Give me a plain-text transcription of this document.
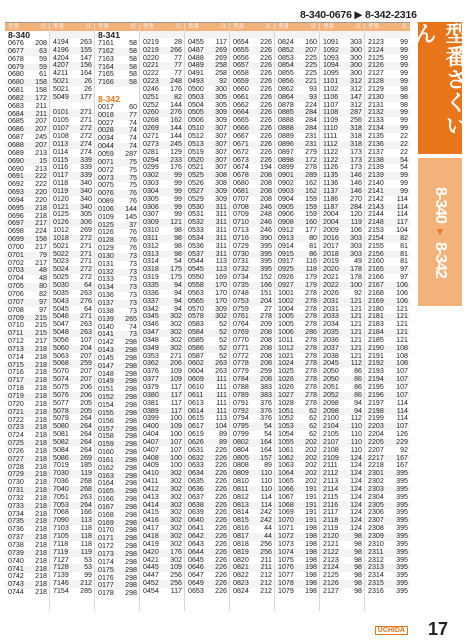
8-340-0676 ▶ 8-342-2316
型番	頁
8-340
0676 208
0677 63
0678 59
0679 59
0680 61
0680 158
0681 158
0682 172
0683 211
0684 211
0685 207
0686 207
0687 245
0688 207
0689 213
0690 15
0690 213
0691 222
0692 222
0693 220
0694 220
0695 218
0696 218
0697 217
0698 224
0699 158
0700 217
0701 79
0702 217
0703 48
0704 48
0705 80
0706 82
0707 97
0708 97
0709 215
0710 215
0711 215
0712 217
0713 218
0714 218
0715 218
0716 218
0717 218
0718 218
0719 218
0720 218
0721 218
0722 218
0723 218
0724 218
0725 218
0726 218
0727 218
0728 218
0729 218
0730 218
0731 218
0732 218
0733 218
0734 218
0735 218
0736 218
0737 218
0738 218
0739 218
0740 218
0741 218
0742 218
0743 218
0744 218
型番	頁
4194 263
4196 155
4204 147
4207 156
4211 164
5021 26
5021 26
5049 177
0101 271
0105 271
0107 272
0108 272
0113 274
0114 274
0115 339
0116 339
0117 339
0118 340
0119 340
0120 340
0121 340
0125 305
0126 306
1012 269
1018 272
5021 271
5022 271
5023 271
5024 272
5025 272
5030 64
5035 263
5043 276
5045 64
5046 271
5047 263
5048 263
5056 107
5060 204
5063 207
5068 259
5070 207
5074 207
5075 206
5076 206
5077 205
5078 205
5079 264
5080 264
5081 264
5082 264
5084 264
5086 269
7019 185
7030 119
7036 268
7040 268
7051 263
7053 264
7068 166
7090 113
7103 118
7105 118
7118 118
7119 119
7127 53
7128 53
7139 99
7146 212
7154 285
型番	頁
8-341
7161 58
7162 58
7163 58
7164 58
7165 58
7166 58
8-342
0017 60
0018 77
0027 74
0028 74
0034 74
0044 74
0059 287
0071 75
0072 75
0073 75
0075 75
0076 76
0089 76
0106 144
0109 145
0125 37
0126 76
0128 76
0129 76
0130 73
0131 73
0132 73
0133 73
0134 73
0136 73
0137 73
0138 73
0139 265
0140 74
0141 73
0142 298
0143 298
0145 298
0147 298
0148 298
0149 298
0151 298
0152 298
0154 298
0155 298
0156 298
0157 298
0158 298
0159 298
0160 298
0161 298
0162 298
0163 298
0164 298
0165 298
0166 298
0167 298
0168 298
0169 298
0170 298
0171 298
0172 298
0173 298
0174 298
0175 298
0176 298
0177 298
0178 298
型番	頁
0219 28
0219 266
0220 77
0221 77
0222 77
0223 248
0246 176
0251 82
0252 144
0260 276
0268 162
0269 144
0271 144
0273 245
0281 129
0294 233
0299 176
0302 99
0303 99
0304 99
0305 99
0306 99
0307 99
0309 121
0310 98
0311 98
0312 98
0313 98
0314 54
0318 175
0319 175
0335 94
0336 94
0337 94
0342 94
0345 302
0346 302
0347 302
0348 302
0349 302
0353 271
0362 206
0376 109
0377 109
0379 117
0380 117
0381 117
0389 117
0399 100
0400 109
0404 100
0407 107
0407 107
0408 100
0409 100
0410 302
0411 302
0412 302
0413 302
0414 302
0415 302
0416 302
0417 302
0418 302
0419 302
0420 176
0421 302
0445 109
0447 256
0452 256
0454 117
型番	頁
0455 117
0487 269
0488 269
0489 258
0491 258
0493 92
0500 300
0503 305
0504 305
0505 309
0506 309
0510 307
0512 307
0513 307
0519 307
0520 307
0521 307
0525 308
0526 308
0527 309
0529 309
0530 311
0531 311
0532 311
0533 311
0534 311
0536 311
0537 311
0544 113
0545 113
0550 169
0558 170
0563 170
0565 170
0570 309
0578 302
0583 52
0584 52
0585 52
0586 52
0587 52
0602 263
0604 263
0609 111
0610 111
0611 111
0613 111
0614 111
0615 113
0617 104
0619 89
0626 89
0631 226
0632 226
0633 226
0634 226
0635 226
0636 226
0637 226
0638 226
0639 226
0640 226
0641 226
0642 226
0643 226
0644 226
0645 226
0646 226
0647 226
0649 226
0653 226
型番	頁
0654 226
0655 226
0656 226
0657 226
0658 226
0659 226
0660 226
0661 226
0662 226
0664 226
0665 226
0666 226
0667 226
0671 226
0672 226
0673 226
0674 194
0678 208
0680 208
0681 208
0707 208
0708 246
0709 248
0710 246
0713 246
0716 390
0729 395
0730 395
0731 395
0732 395
0734 152
0735 166
0748 151
0753 204
0759 27
0761 278
0764 209
0769 208
0770 208
0771 208
0772 208
0778 208
0779 259
0784 208
0788 383
0789 383
0791 376
0792 376
0794 376
0795 54
0799 54
0802 164
0804 164
0805 157
0808 89
0809 110
0810 110
0811 110
0812 114
0813 114
0814 242
0815 242
0816 44
0817 44
0818 256
0819 256
0820 211
0821 211
0822 212
0823 212
0824 212
型番	頁
0824 160
0852 207
0853 225
0854 225
0855 225
0856 221
0862 93
0864 93
0878 224
0885 284
0888 284
0888 284
0889 231
0896 231
0897 279
0898 172
0899 278
0901 289
0902 162
0903 162
0904 159
0905 159
0906 159
0908 160
0912 177
0913 80
0914 81
0915 86
0917 116
0925 118
0926 179
0927 179
1001 278
1002 278
1004 278
1005 278
1005 278
1006 286
1011 278
1012 278
1021 278
1024 278
1025 278
1026 278
1026 278
1027 278
1028 278
1051 62
1052 62
1053 62
1054 62
1055 202
1061 202
1062 202
1063 202
1064 202
1065 202
1066 191
1067 191
1068 191
1069 191
1070 191
1071 198
1072 198
1073 198
1074 198
1075 198
1076 198
1077 198
1078 198
1079 198
型番	頁
1091 303
1092 300
1093 300
1094 300
1095 300
1101 312
1102 312
1106 147
1107 312
1108 287
1109 256
1110 318
1111 318
1112 318
1122 173
1122 173
1126 173
1135 146
1136 146
1137 146
1186 270
1187 284
2004 120
2004 119
2009 106
2016 303
2017 303
2018 303
2019 49
2020 178
2021 178
2022 100
2026 92
2031 121
2031 121
2033 121
2034 121
2035 121
2036 121
2037 121
2038 121
2045 112
2050 86
2050 86
2051 86
2052 86
2098 94
2098 94
2100 112
2104 110
2105 110
2107 110
2108 110
2109 124
2111 124
2112 124
2113 124
2114 124
2115 124
2116 124
2117 124
2118 124
2119 124
2120 98
2121 98
2122 98
2123 98
2124 98
2125 98
2126 98
2127 98
型番	頁
2123 99
2124 99
2125 99
2126 99
2127 99
2128 99
2129 98
2130 98
2131 98
2132 99
2133 99
2134 99
2135 22
2136 22
2137 22
2138 54
2139 54
2139 99
2140 99
2141 99
2142 114
2143 114
2144 114
2148 117
2153 104
2154 82
2155 81
2156 81
2160 81
2165 97
2166 97
2167 106
2168 106
2169 106
2180 121
2181 121
2183 121
2184 121
2185 121
2190 108
2191 108
2192 108
2193 107
2194 107
2195 107
2196 107
2197 114
2198 114
2199 114
2203 107
2204 126
2205 229
2207 92
2217 167
2218 167
2301 395
2302 395
2303 395
2304 395
2305 395
2306 395
2307 395
2308 395
2309 395
2310 395
2311 395
2312 395
2313 395
2314 395
2315 395
2316 395
型番さくいん
8-340
▼
8-342
UCHIDA 17
